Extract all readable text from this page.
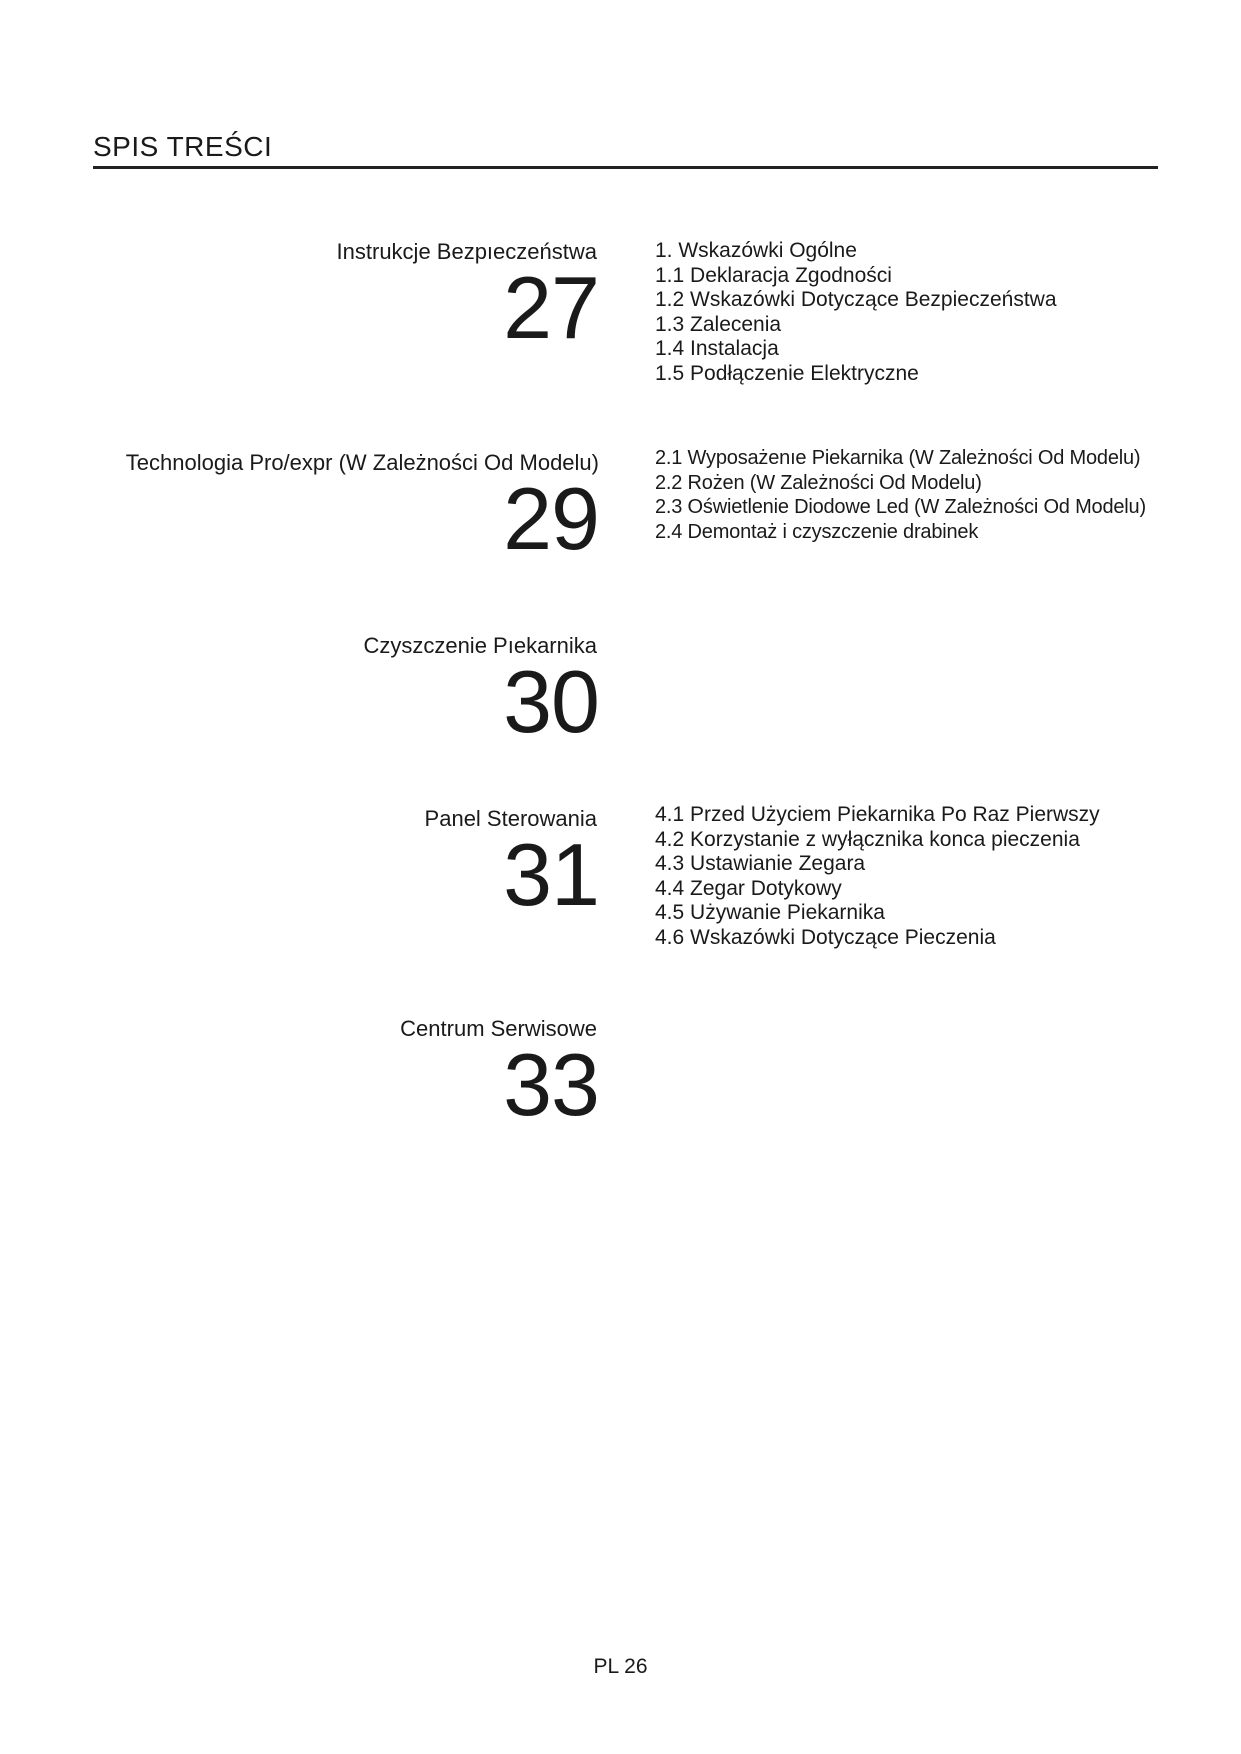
SPIS TREŚCI
Instrukcje Bezpıeczeństwa
27
1. Wskazówki Ogólne
1.1 Deklaracja Zgodności
1.2 Wskazówki Dotyczące Bezpieczeństwa
1.3 Zalecenia
1.4 Instalacja
1.5 Podłączenie Elektryczne
Technologia Pro/expr (W Zależności Od Modelu)
29
2.1 Wyposażenıe Piekarnika (W Zależności Od Modelu)
2.2 Rożen (W Zależności Od Modelu)
2.3 Oświetlenie Diodowe Led (W Zależności Od Modelu)
2.4 Demontaż i czyszczenie drabinek
Czyszczenie Pıekarnika
30
Panel Sterowania
31
4.1 Przed Użyciem Piekarnika Po Raz Pierwszy
4.2 Korzystanie z wyłącznika konca pieczenia
4.3 Ustawianie Zegara
4.4 Zegar Dotykowy
4.5 Używanie Piekarnika
4.6 Wskazówki Dotyczące Pieczenia
Centrum Serwisowe
33
PL 26
